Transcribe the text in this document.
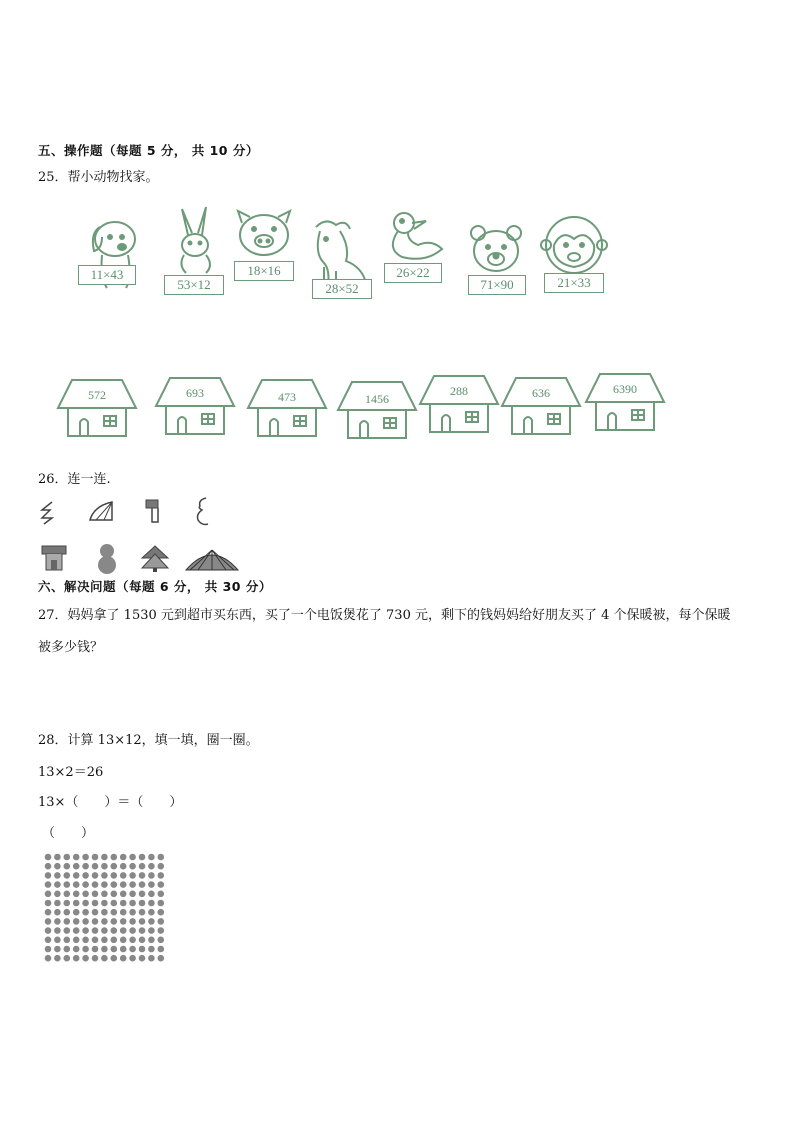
五、操作题（每题 5 分， 共 10 分）
25．帮小动物找家。
11×43
53×12
18×16
28×52
26×22
71×90	21×33
572	693	473	1456
288	636	6390
26．连一连.
六、解决问题（每题 6 分， 共 30 分）
27．妈妈拿了 1530 元到超市买东西，买了一个电饭煲花了 730 元，剩下的钱妈妈给好朋友买了 4 个保暖被，每个保暖
被多少钱？
28．计算 13×12，填一填，圈一圈。
13×2＝26
13×（　　）＝（　　）
（　　）
